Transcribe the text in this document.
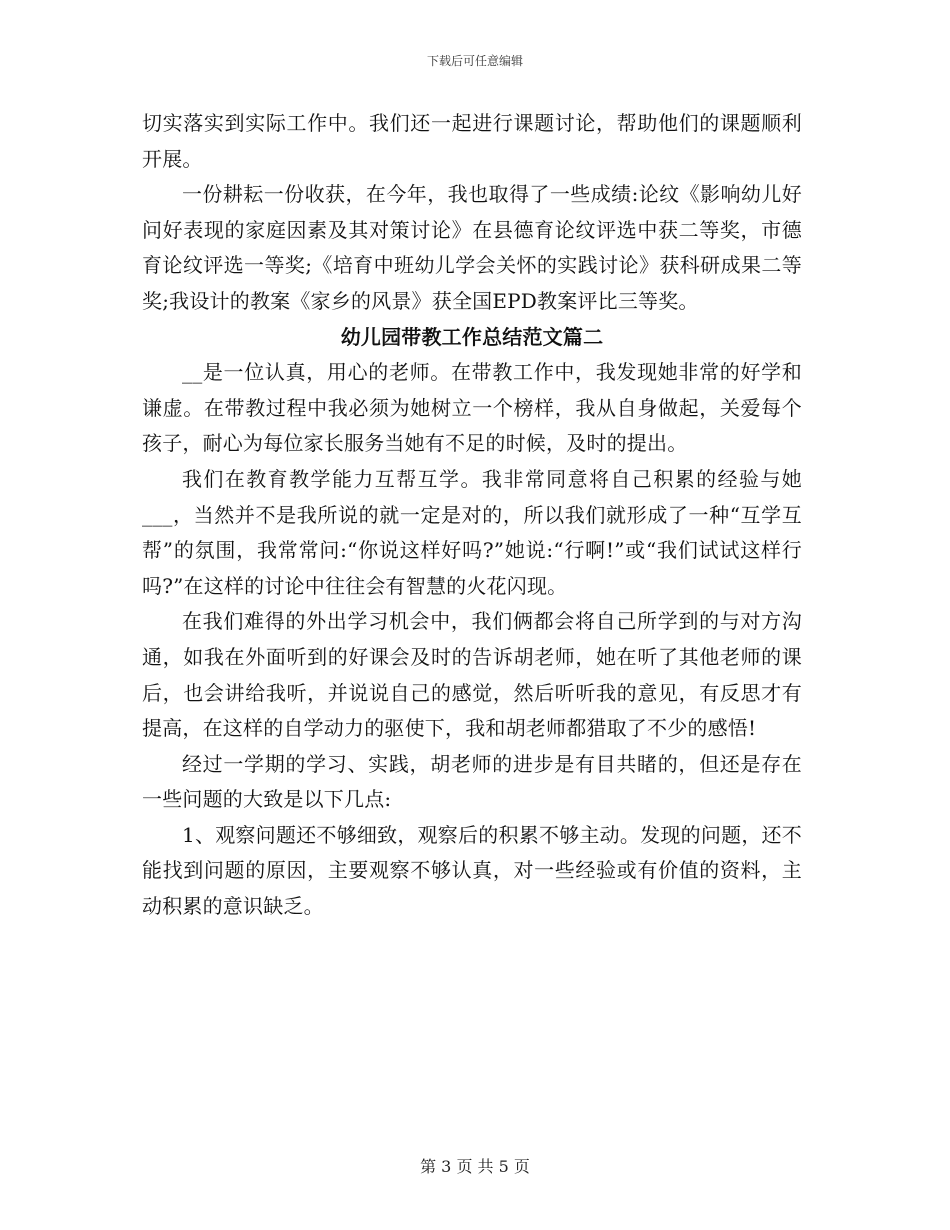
下载后可任意编辑

切实落实到实际工作中。我们还一起进行课题讨论，帮助他们的课题顺利开展。

一份耕耘一份收获，在今年，我也取得了一些成绩:论纹《影响幼儿好问好表现的家庭因素及其对策讨论》在县德育论纹评选中获二等奖，市德育论纹评选一等奖;《培育中班幼儿学会关怀的实践讨论》获科研成果二等奖;我设计的教案《家乡的风景》获全国EPD教案评比三等奖。

幼儿园带教工作总结范文篇二

__是一位认真，用心的老师。在带教工作中，我发现她非常的好学和谦虚。在带教过程中我必须为她树立一个榜样，我从自身做起，关爱每个孩子，耐心为每位家长服务当她有不足的时候，及时的提出。

我们在教育教学能力互帮互学。我非常同意将自己积累的经验与她___，当然并不是我所说的就一定是对的，所以我们就形成了一种“互学互帮”的氛围，我常常问:“你说这样好吗?”她说:“行啊!”或“我们试试这样行吗?”在这样的讨论中往往会有智慧的火花闪现。

在我们难得的外出学习机会中，我们俩都会将自己所学到的与对方沟通，如我在外面听到的好课会及时的告诉胡老师，她在听了其他老师的课后，也会讲给我听，并说说自己的感觉，然后听听我的意见，有反思才有提高，在这样的自学动力的驱使下，我和胡老师都猎取了不少的感悟!

经过一学期的学习、实践，胡老师的进步是有目共睹的，但还是存在一些问题的大致是以下几点:

1、观察问题还不够细致，观察后的积累不够主动。发现的问题，还不能找到问题的原因，主要观察不够认真，对一些经验或有价值的资料，主动积累的意识缺乏。

第 3 页 共 5 页
